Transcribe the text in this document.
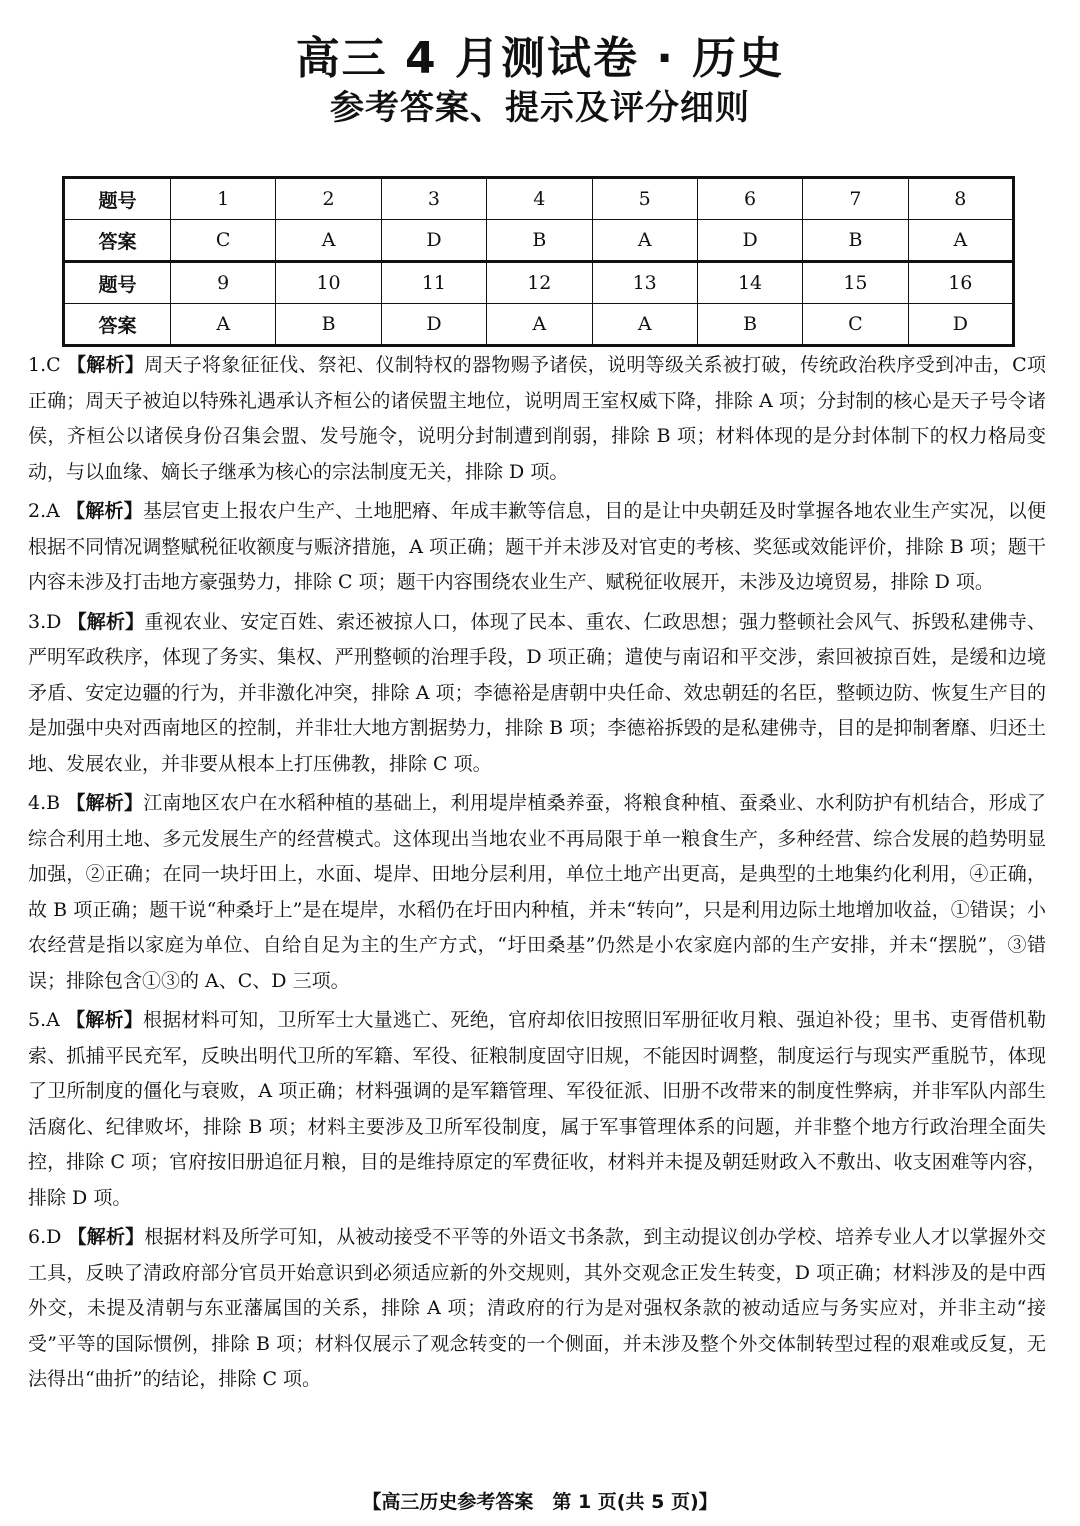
高三 4 月测试卷 · 历史
参考答案、提示及评分细则
题号	1	2	3	4	5	6	7	8
答案	C	A	D	B	A	D	B	A
题号	9	10	11	12	13	14	15	16
答案	A	B	D	A	A	B	C	D

1.C 【解析】周天子将象征征伐、祭祀、仪制特权的器物赐予诸侯，说明等级关系被打破，传统政治秩序受到冲击，C项正确；周天子被迫以特殊礼遇承认齐桓公的诸侯盟主地位，说明周王室权威下降，排除 A 项；分封制的核心是天子号令诸侯，齐桓公以诸侯身份召集会盟、发号施令，说明分封制遭到削弱，排除 B 项；材料体现的是分封体制下的权力格局变动，与以血缘、嫡长子继承为核心的宗法制度无关，排除 D 项。

2.A 【解析】基层官吏上报农户生产、土地肥瘠、年成丰歉等信息，目的是让中央朝廷及时掌握各地农业生产实况，以便根据不同情况调整赋税征收额度与赈济措施，A 项正确；题干并未涉及对官吏的考核、奖惩或效能评价，排除 B 项；题干内容未涉及打击地方豪强势力，排除 C 项；题干内容围绕农业生产、赋税征收展开，未涉及边境贸易，排除 D 项。

3.D 【解析】重视农业、安定百姓、索还被掠人口，体现了民本、重农、仁政思想；强力整顿社会风气、拆毁私建佛寺、严明军政秩序，体现了务实、集权、严刑整顿的治理手段，D 项正确；遣使与南诏和平交涉，索回被掠百姓，是缓和边境矛盾、安定边疆的行为，并非激化冲突，排除 A 项；李德裕是唐朝中央任命、效忠朝廷的名臣，整顿边防、恢复生产目的是加强中央对西南地区的控制，并非壮大地方割据势力，排除 B 项；李德裕拆毁的是私建佛寺，目的是抑制奢靡、归还土地、发展农业，并非要从根本上打压佛教，排除 C 项。

4.B 【解析】江南地区农户在水稻种植的基础上，利用堤岸植桑养蚕，将粮食种植、蚕桑业、水利防护有机结合，形成了综合利用土地、多元发展生产的经营模式。这体现出当地农业不再局限于单一粮食生产，多种经营、综合发展的趋势明显加强，②正确；在同一块圩田上，水面、堤岸、田地分层利用，单位土地产出更高，是典型的土地集约化利用，④正确，故 B 项正确；题干说“种桑圩上”是在堤岸，水稻仍在圩田内种植，并未“转向”，只是利用边际土地增加收益，①错误；小农经营是指以家庭为单位、自给自足为主的生产方式，“圩田桑基”仍然是小农家庭内部的生产安排，并未“摆脱”，③错误；排除包含①③的 A、C、D 三项。

5.A 【解析】根据材料可知，卫所军士大量逃亡、死绝，官府却依旧按照旧军册征收月粮、强迫补役；里书、吏胥借机勒索、抓捕平民充军，反映出明代卫所的军籍、军役、征粮制度固守旧规，不能因时调整，制度运行与现实严重脱节，体现了卫所制度的僵化与衰败，A 项正确；材料强调的是军籍管理、军役征派、旧册不改带来的制度性弊病，并非军队内部生活腐化、纪律败坏，排除 B 项；材料主要涉及卫所军役制度，属于军事管理体系的问题，并非整个地方行政治理全面失控，排除 C 项；官府按旧册追征月粮，目的是维持原定的军费征收，材料并未提及朝廷财政入不敷出、收支困难等内容，排除 D 项。

6.D 【解析】根据材料及所学可知，从被动接受不平等的外语文书条款，到主动提议创办学校、培养专业人才以掌握外交工具，反映了清政府部分官员开始意识到必须适应新的外交规则，其外交观念正发生转变，D 项正确；材料涉及的是中西外交，未提及清朝与东亚藩属国的关系，排除 A 项；清政府的行为是对强权条款的被动适应与务实应对，并非主动“接受”平等的国际惯例，排除 B 项；材料仅展示了观念转变的一个侧面，并未涉及整个外交体制转型过程的艰难或反复，无法得出“曲折”的结论，排除 C 项。

【高三历史参考答案　第 1 页(共 5 页)】
